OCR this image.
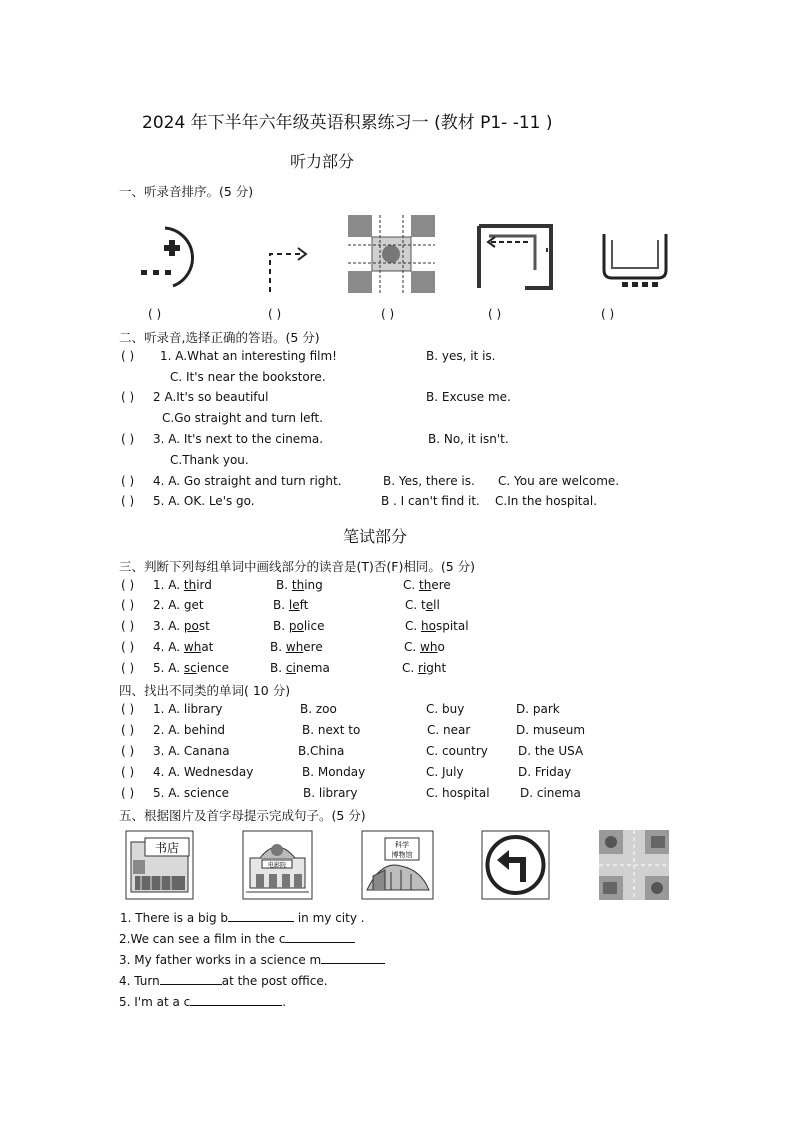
2024 年下半年六年级英语积累练习一 (教材 P1- -11 )
听力部分
一、听录音排序。(5 分)
( )	( )	( )	( )	( )
二、听录音,选择正确的答语。(5 分)
( ) 1. A.What an interesting film!	B. yes, it is.
C. It's near the bookstore.
( ) 2 A.It's so beautiful	B. Excuse me.
C.Go straight and turn left.
( ) 3. A. It's next to the cinema.	B. No, it isn't.
C.Thank you.
( ) 4. A. Go straight and turn right.	B. Yes, there is. C. You are welcome.
( ) 5. A. OK. Le's go.	B . I can't find it. C.In the hospital.
笔试部分
三、判断下列每组单词中画线部分的读音是(T)否(F)相同。(5 分)
( ) 1. A. third	B. thing	C. there
( ) 2. A. get	B. left	C. tell
( ) 3. A. post	B. police	C. hospital
( ) 4. A. what	B. where	C. who
( ) 5. A. science	B. cinema	C. right
四、找出不同类的单词( 10 分)
( ) 1. A. library	B. zoo	C. buy	D. park
( ) 2. A. behind	B. next to	C. near	D. museum
( ) 3. A. Canana	B.China	C. country	D. the USA
( ) 4. A. Wednesday	B. Monday	C. July	D. Friday
( ) 5. A. science	B. library	C. hospital	D. cinema
五、根据图片及首字母提示完成句子。(5 分)
书店
电影院
科学
博物馆
1. There is a big b	in my city .
2.We can see a film in the c
3. My father works in a science m
4. Turn	at the post office.
5. I'm at a c	.
